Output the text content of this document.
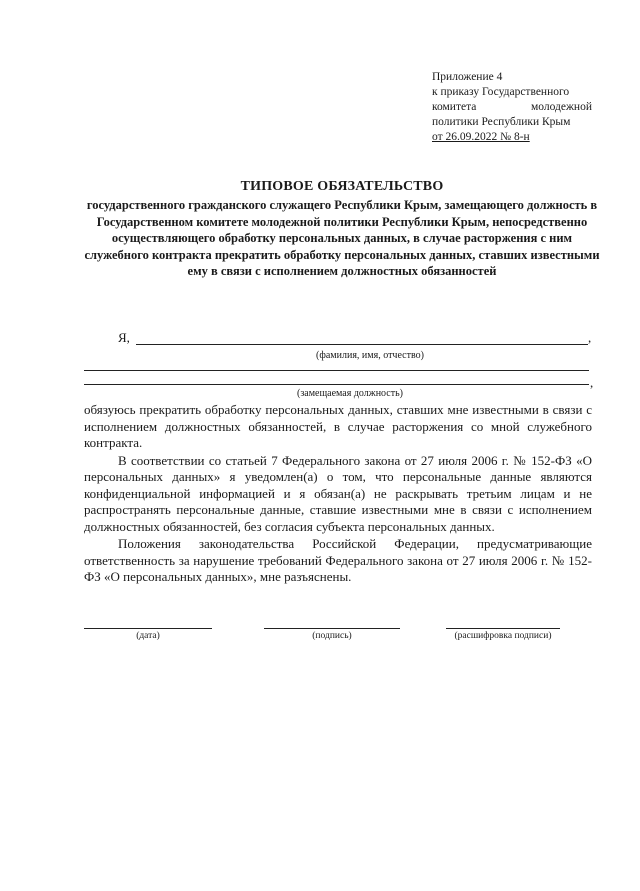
Приложение 4
к приказу Государственного
комитета	молодежной
политики Республики Крым
от 26.09.2022 № 8-н
ТИПОВОЕ ОБЯЗАТЕЛЬСТВО
государственного гражданского служащего Республики Крым, замещающего должность в Государственном комитете молодежной политики Республики Крым, непосредственно осуществляющего обработку персональных данных, в случае расторжения с ним служебного контракта прекратить обработку персональных данных, ставших известными ему в связи с исполнением должностных обязанностей
Я,	,
(фамилия, имя, отчество)
,
(замещаемая должность)

обязуюсь прекратить обработку персональных данных, ставших мне известными в связи с исполнением должностных обязанностей, в случае расторжения со мной служебного контракта.

В соответствии со статьей 7 Федерального закона от 27 июля 2006 г. № 152-ФЗ «О персональных данных» я уведомлен(а) о том, что персональные данные являются конфиденциальной информацией и я обязан(а) не раскрывать третьим лицам и не распространять персональные данные, ставшие известными мне в связи с исполнением должностных обязанностей, без согласия субъекта персональных данных.

Положения законодательства Российской Федерации, предусматривающие ответственность за нарушение требований Федерального закона от 27 июля 2006 г. № 152-ФЗ «О персональных данных», мне разъяснены.

(дата)	(подпись)	(расшифровка подписи)
